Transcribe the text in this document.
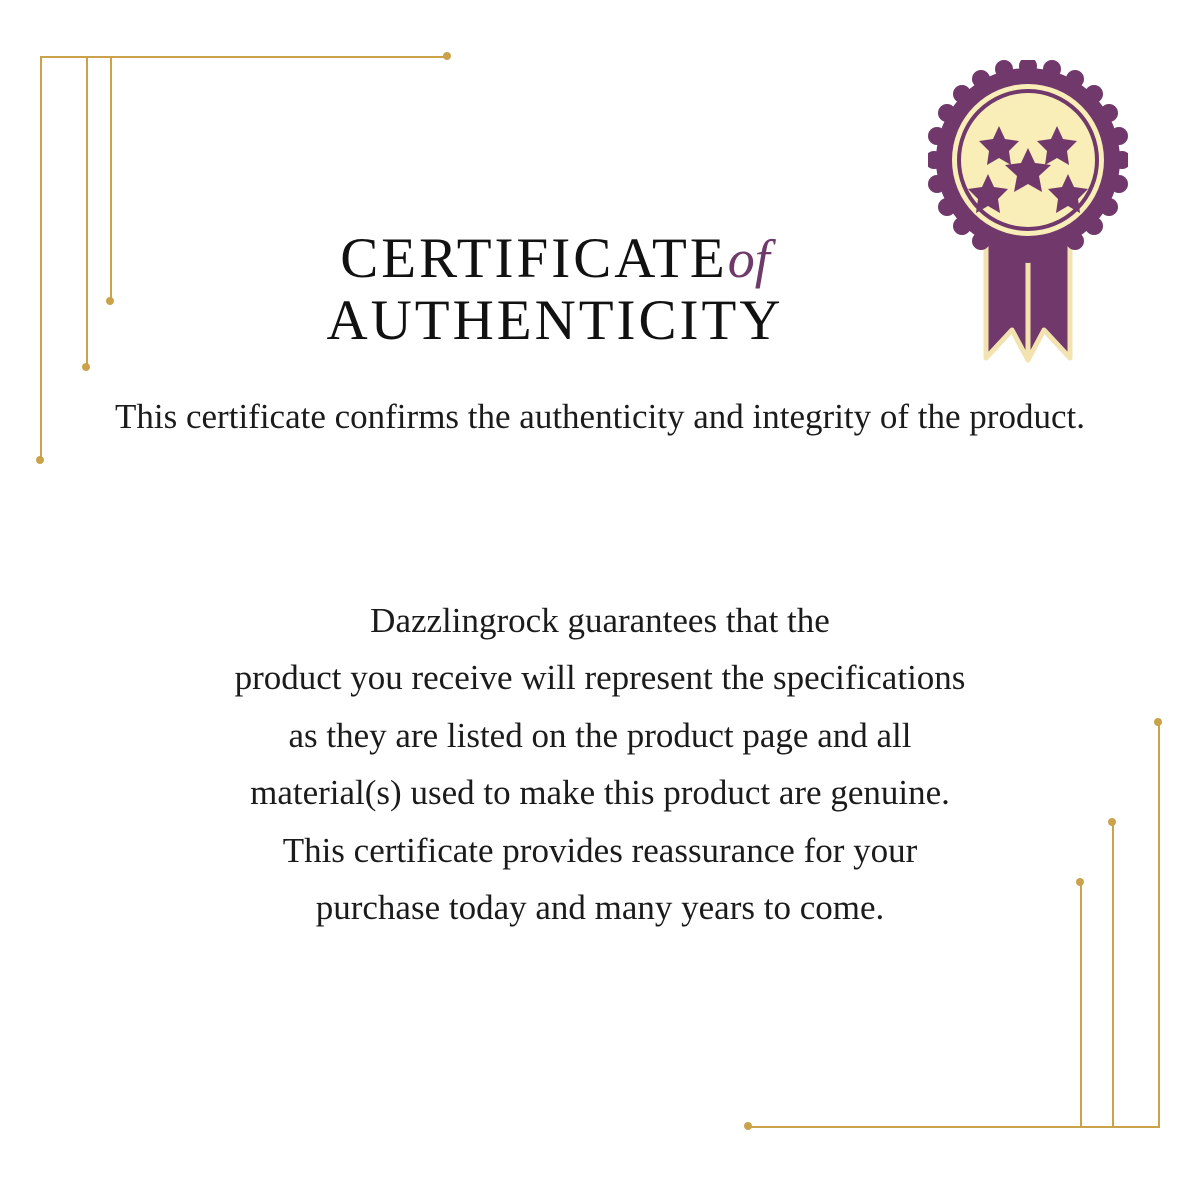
CERTIFICATEof
AUTHENTICITY
This certificate confirms the authenticity and integrity of the product.
Dazzlingrock guarantees that the
product you receive will represent the specifications
as they are listed on the product page and all
material(s) used to make this product are genuine.
This certificate provides reassurance for your
purchase today and many years to come.
